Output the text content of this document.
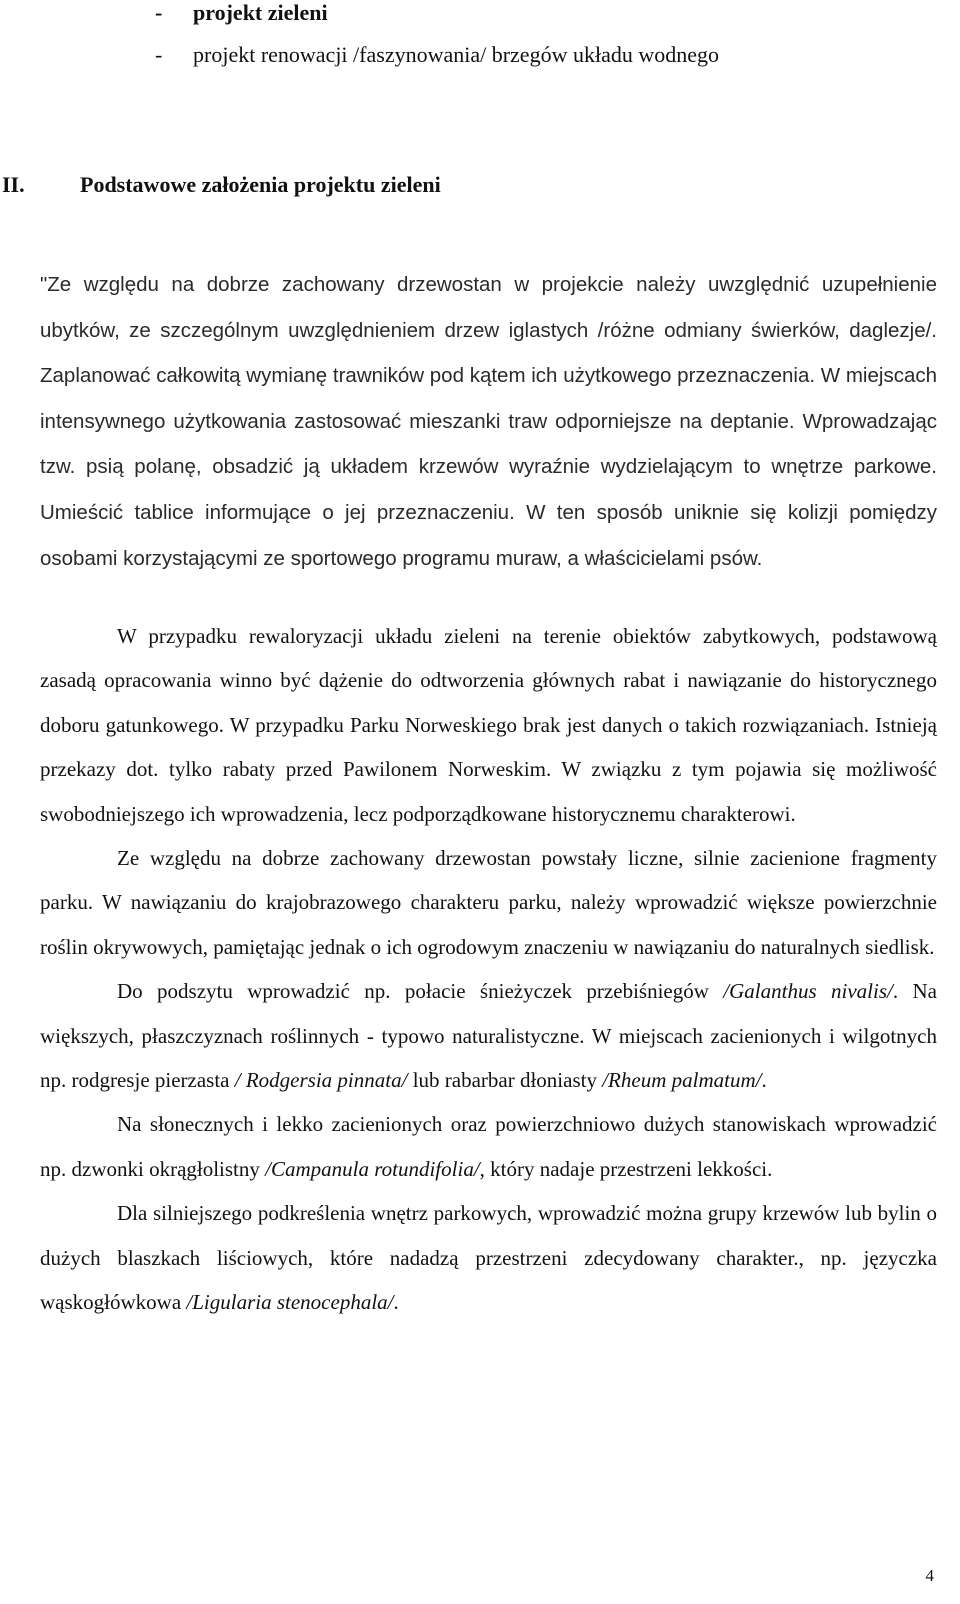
- projekt zieleni
- projekt renowacji /faszynowania/ brzegów układu wodnego
II.	Podstawowe założenia projektu zieleni

"Ze względu na dobrze zachowany drzewostan w projekcie należy uwzględnić uzupełnienie ubytków, ze szczególnym uwzględnieniem drzew iglastych /różne odmiany świerków, daglezje/. Zaplanować całkowitą wymianę trawników pod kątem ich użytkowego przeznaczenia. W miejscach intensywnego użytkowania zastosować mieszanki traw odporniejsze na deptanie. Wprowadzając tzw. psią polanę, obsadzić ją układem krzewów wyraźnie wydzielającym to wnętrze parkowe. Umieścić tablice informujące o jej przeznaczeniu. W ten sposób uniknie się kolizji pomiędzy osobami korzystającymi ze sportowego programu muraw, a właścicielami psów.

W przypadku rewaloryzacji układu zieleni na terenie obiektów zabytkowych, podstawową zasadą opracowania winno być dążenie do odtworzenia głównych rabat i nawiązanie do historycznego doboru gatunkowego. W przypadku Parku Norweskiego brak jest danych o takich rozwiązaniach. Istnieją przekazy dot. tylko rabaty przed Pawilonem Norweskim. W związku z tym pojawia się możliwość swobodniejszego ich wprowadzenia, lecz podporządkowane historycznemu charakterowi.

Ze względu na dobrze zachowany drzewostan powstały liczne, silnie zacienione fragmenty parku. W nawiązaniu do krajobrazowego charakteru parku, należy wprowadzić większe powierzchnie roślin okrywowych, pamiętając jednak o ich ogrodowym znaczeniu w nawiązaniu do naturalnych siedlisk.

Do podszytu wprowadzić np. połacie śnieżyczek przebiśniegów /Galanthus nivalis/. Na większych, płaszczyznach roślinnych - typowo naturalistyczne. W miejscach zacienionych i wilgotnych np. rodgresje pierzasta / Rodgersia pinnata/ lub rabarbar dłoniasty /Rheum palmatum/.

Na słonecznych i lekko zacienionych oraz powierzchniowo dużych stanowiskach wprowadzić np. dzwonki okrągłolistny /Campanula rotundifolia/, który nadaje przestrzeni lekkości.

Dla silniejszego podkreślenia wnętrz parkowych, wprowadzić można grupy krzewów lub bylin o dużych blaszkach liściowych, które nadadzą przestrzeni zdecydowany charakter., np. języczka wąskogłówkowa /Ligularia stenocephala/.

4
